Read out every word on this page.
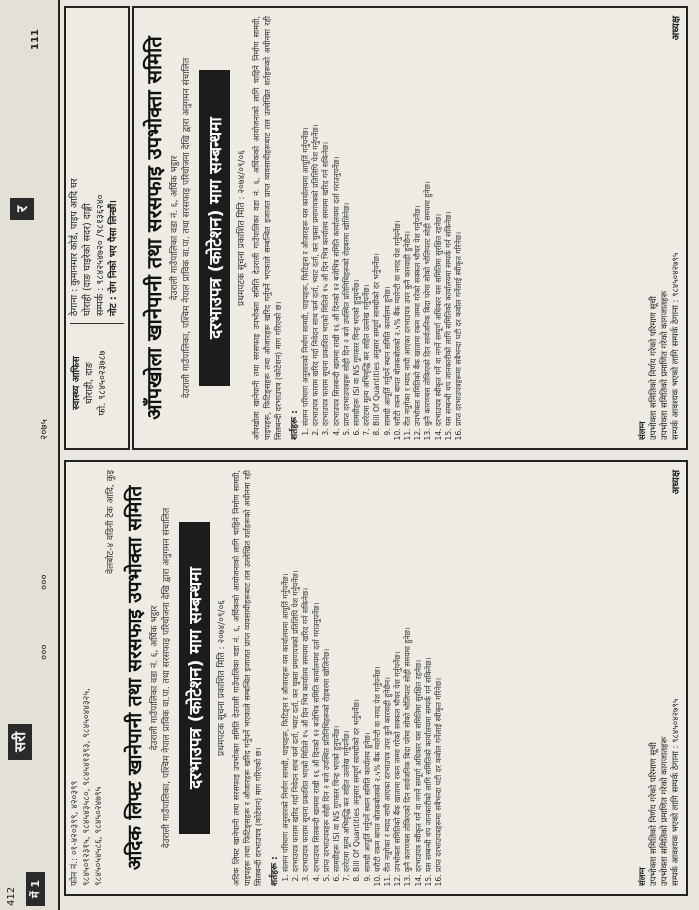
412 में 1
सरी
०००
०००
२०७५
र
111
फोन नं.: ०१-४२०३९९, ४२०३९९ ९८४५०१२३१५, ९८४५४३५८०, ९८४५४१३९३, ९८४५०४४३२५, ९८४५०५४५८६, ९८४५०२४७९५
वेलबोट-४ वडिनी टेक आदि, कुइ अदिक लिफ्ट खानेपानी तथा सरसफाइ उपभोक्ता समिति देउराली गाउँपालिका वडा नं. ६, अर्घिक भट्ठार देउराली गाउँपालिका, पश्चिम नेपाल प्राविक वा.पा. तथा सरसफाइ परियोजना देखि द्वारा अनुगमन संचालित दरभाउपत्र (कोटेशन) माग सम्बन्धमा	प्रथमपटक सूचना प्रकाशित मिति : २०७४/०९/०६ अदिक लिफ्ट खानेपानी तथा सरसफाइ उपभोक्ता समिति देउराली गाउँपालिका वडा नं. ६, अर्घिकको आयोजनाको लागि चाहिने निर्माण सामग्री, पाइपहरू तथा फिटिङ्सहरू र औजारहरू खरिद गर्नुपर्ने भएकाले सम्बन्धित इजाजत प्राप्त व्यवसायीहरूबाट तल उल्लेखित शर्तहरूको अधीनमा रही सिलबन्दी दरभाउपत्र (कोटेशन) माग गरिएको छ। शर्तहरू : 1. संलग्न परिमाण अनुसारको निर्माण सामग्री, पाइपहरू, फिटिङ्स र औजारहरू यस कार्यालयमा आपूर्ति गर्नुपर्नेछ। 2. दरभाउपत्र फाराम खरिद गर्दा निवेदन साथ फर्म दर्ता, भ्याट दर्ता, कर चुक्ता प्रमाणपत्रको प्रतिलिपि पेश गर्नुपर्नेछ। 3. दरभाउपत्र फाराम सूचना प्रकाशित भएको मितिले १५ औं दिन भित्र कार्यालय समयमा खरिद गर्न सकिनेछ। 4. दरभाउपत्र सिलबन्दी खाममा राखी १६ औं दिनको १२ बजेभित्र समिति कार्यालयमा दर्ता गराउनुपर्नेछ। 5. प्राप्त दरभाउपत्रहरू सोही दिन २ बजे उपस्थित प्रतिनिधिहरूको रोहबरमा खोलिनेछ। 6. सामग्रीहरू ISI वा NS गुणस्तर चिन्ह भएको हुनुपर्नेछ। 7. दररेटमा मूल्य अभिवृद्धि कर सहित उल्लेख गर्नुपर्नेछ। 8. Bill Of Quantities अनुसार सम्पूर्ण सामग्रीको दर भर्नुपर्नेछ। 9. सामग्री आपूर्ति गर्नुपर्ने स्थान समिति कार्यालय हुनेछ। 10. धरौटी रकम बापत बोलकबोलको २.५% बैंक ग्यारेन्टी वा नगद पेश गर्नुपर्नेछ। 11. रीत नपुगेका र म्याद नाघी आएका दरभाउपत्र उपर कुनै कारवाही हुनेछैन। 12. उपभोक्ता समितिको बैंक खातामा रकम जम्मा गरेको सक्कल भौचर पेश गर्नुपर्नेछ। 13. कुनै कारणबस तोकिएको दिन सार्वजनिक बिदा परेमा सोको भोलिपल्ट सोही समयमा हुनेछ। 14. दरभाउपत्र स्वीकृत गर्ने वा नगर्ने सम्पूर्ण अधिकार यस समितिमा सुरक्षित रहनेछ। 15. यस सम्बन्धी थप जानकारीको लागि समितिको कार्यालयमा सम्पर्क गर्न सकिनेछ। 16. प्राप्त दरभाउपत्रहरूमा सबैभन्दा घटी दर कबोल गर्नेलाई स्वीकृत गरिनेछ।
संलग्न उपभोक्ता समितिको निर्णय गरेको परिमाण सूची उपभोक्ता समितिको प्रमाणित गरेको कागजातहरू सम्पर्क आवश्यक भएको लागि सम्पर्क ठेगाना : ९८४५०४२७९५
अध्यक्ष
स्वास्थ्य आफिस घोराही, दाङ फो. ९८४५०२३७८७
ठेगाना : कुमानमार कोर्ड, पाइप आदि घर घोराही (दाङ घाइरेको सदर) दाङ्गी सम्पर्क : ९८४२५४७२० /९८१३६२४० नोट : रोग निको भए पैसा लिन्छौं। आँपखोला खानेपानी तथा सरसफाइ उपभोक्ता समिति देउराली गाउँपालिका वडा नं. ६, अर्घिक भट्ठार देउराली गाउँपालिका, पश्चिम नेपाल प्राविक वा.पा. तथा सरसफाइ परियोजना देखि द्वारा अनुगमन संचालित दरभाउपत्र (कोटेशन) माग सम्बन्धमा	प्रथमपटक सूचना प्रकाशित मिति : २०७४/०९/०६ आँपखोला खानेपानी तथा सरसफाइ उपभोक्ता समिति देउराली गाउँपालिका वडा नं. ६, अर्घिकको आयोजनाको लागि चाहिने निर्माण सामग्री, पाइपहरू, फिटिङ्सहरू तथा औजारहरू खरिद गर्नुपर्ने भएकाले सम्बन्धित इजाजत प्राप्त व्यवसायीहरूबाट तल उल्लेखित शर्तहरूको अधीनमा रही सिलबन्दी दरभाउपत्र (कोटेशन) माग गरिएको छ। शर्तहरू : 1. संलग्न परिमाण अनुसारको निर्माण सामग्री, पाइपहरू, फिटिङ्स र औजारहरू यस कार्यालयमा आपूर्ति गर्नुपर्नेछ। 2. दरभाउपत्र फाराम खरिद गर्दा निवेदन साथ फर्म दर्ता, भ्याट दर्ता, कर चुक्ता प्रमाणपत्रको प्रतिलिपि पेश गर्नुपर्नेछ। 3. दरभाउपत्र फाराम सूचना प्रकाशित भएको मितिले १५ औं दिन भित्र कार्यालय समयमा खरिद गर्न सकिनेछ। 4. दरभाउपत्र सिलबन्दी खाममा राखी १६ औं दिनको १२ बजेभित्र समिति कार्यालयमा दर्ता गराउनुपर्नेछ। 5. प्राप्त दरभाउपत्रहरू सोही दिन २ बजे उपस्थित प्रतिनिधिहरूको रोहबरमा खोलिनेछ। 6. सामग्रीहरू ISI वा NS गुणस्तर चिन्ह भएको हुनुपर्नेछ। 7. दररेटमा मूल्य अभिवृद्धि कर सहित उल्लेख गर्नुपर्नेछ। 8. Bill Of Quantities अनुसार सम्पूर्ण सामग्रीको दर भर्नुपर्नेछ। 9. सामग्री आपूर्ति गर्नुपर्ने स्थान समिति कार्यालय हुनेछ। 10. धरौटी रकम बापत बोलकबोलको २.५% बैंक ग्यारेन्टी वा नगद पेश गर्नुपर्नेछ। 11. रीत नपुगेका र म्याद नाघी आएका दरभाउपत्र उपर कुनै कारवाही हुनेछैन। 12. उपभोक्ता समितिको बैंक खातामा रकम जम्मा गरेको सक्कल भौचर पेश गर्नुपर्नेछ। 13. कुनै कारणबस तोकिएको दिन सार्वजनिक बिदा परेमा सोको भोलिपल्ट सोही समयमा हुनेछ। 14. दरभाउपत्र स्वीकृत गर्ने वा नगर्ने सम्पूर्ण अधिकार यस समितिमा सुरक्षित रहनेछ। 15. यस सम्बन्धी थप जानकारीको लागि समितिको कार्यालयमा सम्पर्क गर्न सकिनेछ। 16. प्राप्त दरभाउपत्रहरूमा सबैभन्दा घटी दर कबोल गर्नेलाई स्वीकृत गरिनेछ।
संलग्न उपभोक्ता समितिको निर्णय गरेको परिमाण सूची उपभोक्ता समितिको प्रमाणित गरेको कागजातहरू सम्पर्क आवश्यक भएको लागि सम्पर्क ठेगाना : ९८४५०४२७९५
अध्यक्ष
